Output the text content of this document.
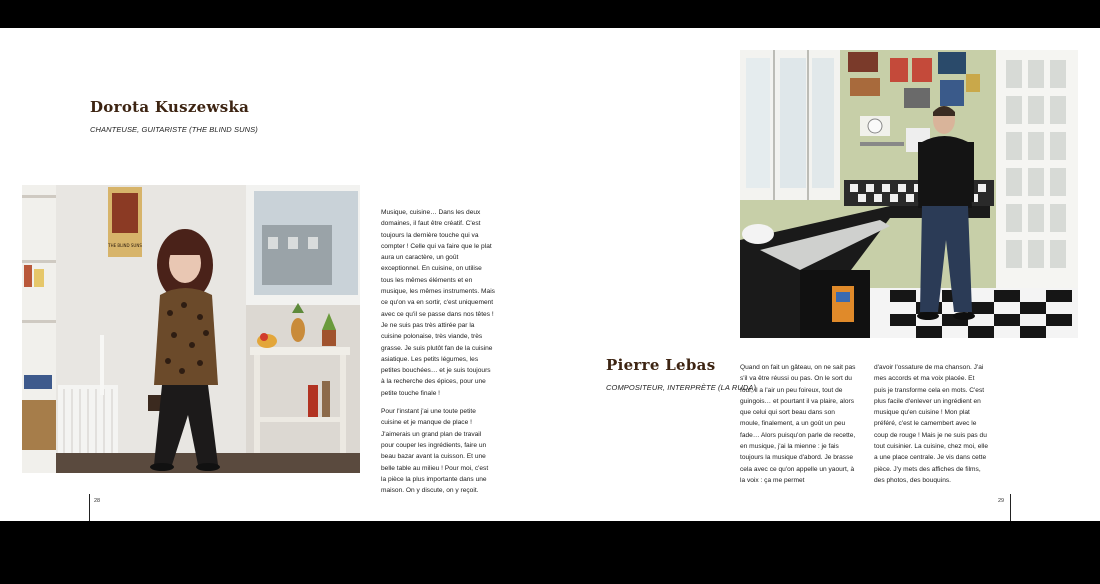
Dorota Kuszewska

CHANTEUSE, GUITARISTE (THE BLIND SUNS)

THE BLIND SUNS

Musique, cuisine… Dans les deux domaines, il faut être créatif. C'est toujours la dernière touche qui va compter ! Celle qui va faire que le plat aura un caractère, un goût exceptionnel. En cuisine, on utilise tous les mêmes éléments et en musique, les mêmes instruments. Mais ce qu'on va en sortir, c'est uniquement avec ce qu'il se passe dans nos têtes ! Je ne suis pas très attirée par la cuisine polonaise, très viande, très grasse. Je suis plutôt fan de la cuisine asiatique. Les petits légumes, les petites bouchées… et je suis toujours à la recherche des épices, pour une petite touche finale !

Pour l'instant j'ai une toute petite cuisine et je manque de place ! J'aimerais un grand plan de travail pour couper les ingrédients, faire un beau bazar avant la cuisson. Et une belle table au milieu ! Pour moi, c'est la pièce la plus importante dans une maison. On y discute, on y reçoit.

28
Pierre Lebas

COMPOSITEUR, INTERPRÈTE (LA RUDA)

Quand on fait un gâteau, on ne sait pas s'il va être réussi ou pas. On le sort du four, il a l'air un peu foireux, tout de guingois… et pourtant il va plaire, alors que celui qui sort beau dans son moule, finalement, a un goût un peu fade… Alors puisqu'on parle de recette, en musique, j'ai la mienne : je fais toujours la musique d'abord. Je brasse cela avec ce qu'on appelle un yaourt, à la voix : ça me permet

d'avoir l'ossature de ma chanson. J'ai mes accords et ma voix placée. Et puis je transforme cela en mots. C'est plus facile d'enlever un ingrédient en musique qu'en cuisine ! Mon plat préféré, c'est le camembert avec le coup de rouge ! Mais je ne suis pas du tout cuisinier. La cuisine, chez moi, elle a une place centrale. Je vis dans cette pièce. J'y mets des affiches de films, des photos, des bouquins.

29
